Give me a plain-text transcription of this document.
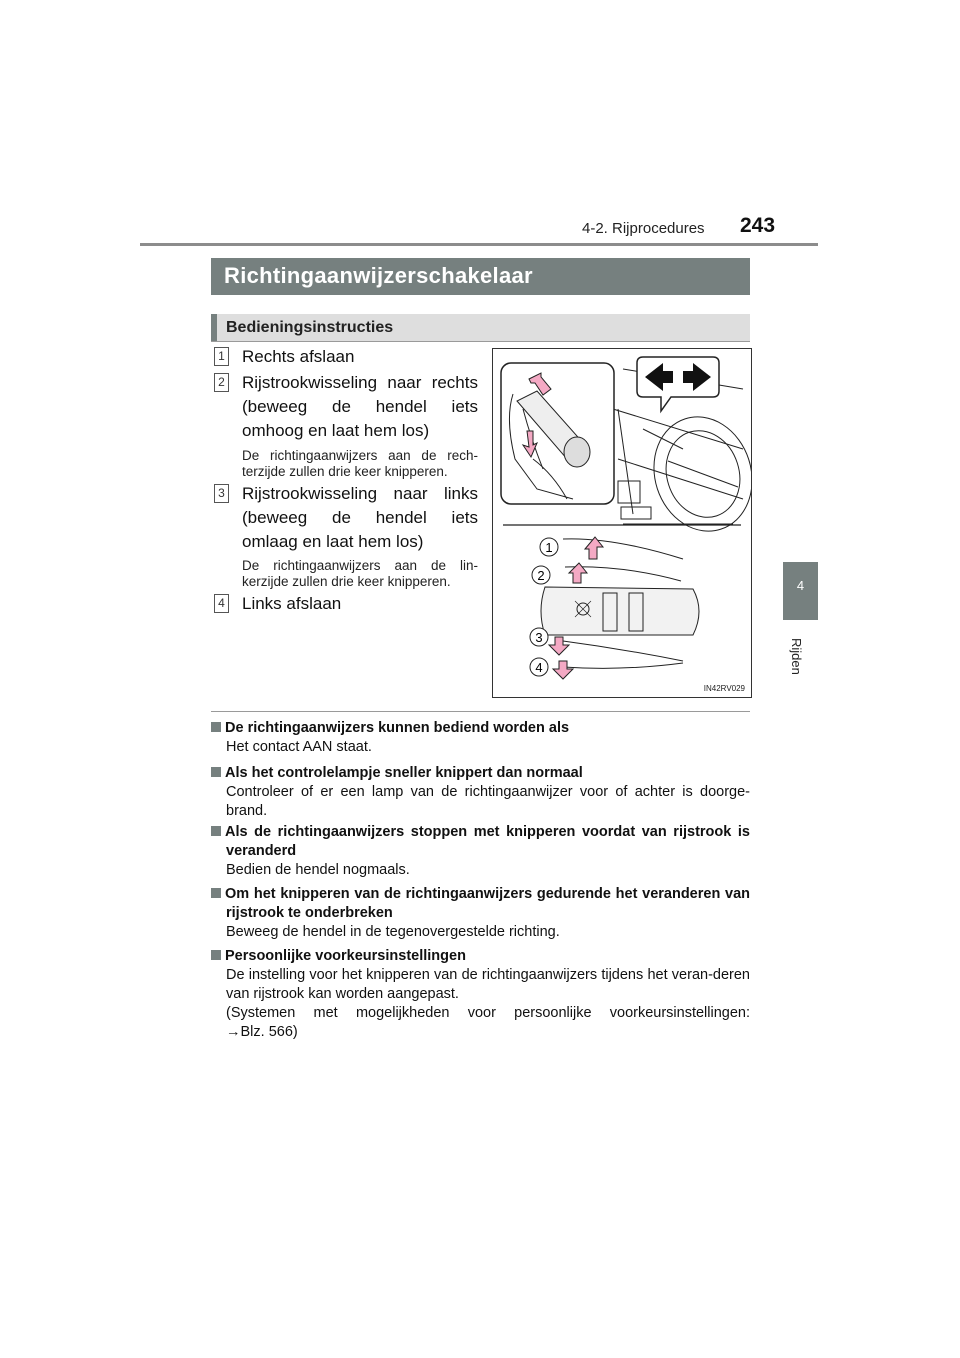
4-2. Rijprocedures 243
4
Rijden
Richtingaanwijzerschakelaar
Bedieningsinstructies
1 Rechts afslaan
2 Rijstrookwisseling naar rechts (beweeg de hendel iets omhoog en laat hem los)
De richtingaanwijzers aan de rech-terzijde zullen drie keer knipperen.
3 Rijstrookwisseling naar links (beweeg de hendel iets omlaag en laat hem los)
De richtingaanwijzers aan de lin-kerzijde zullen drie keer knipperen.
4 Links afslaan
1
2
3
4
IN42RV029
De richtingaanwijzers kunnen bediend worden als
Het contact AAN staat.
Als het controlelampje sneller knippert dan normaal
Controleer of er een lamp van de richtingaanwijzer voor of achter is doorge-brand.
Als de richtingaanwijzers stoppen met knipperen voordat van rijstrook is veranderd
Bedien de hendel nogmaals.
Om het knipperen van de richtingaanwijzers gedurende het veranderen van rijstrook te onderbreken
Beweeg de hendel in de tegenovergestelde richting.
Persoonlijke voorkeursinstellingen
De instelling voor het knipperen van de richtingaanwijzers tijdens het veran-deren van rijstrook kan worden aangepast.
(Systemen met mogelijkheden voor persoonlijke voorkeursinstellingen:
→Blz. 566)
